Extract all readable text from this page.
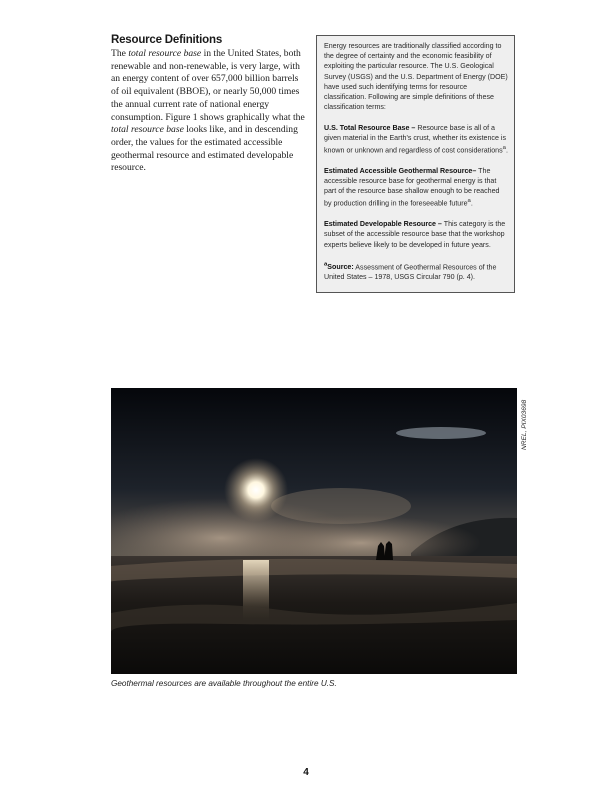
Resource Definitions

The total resource base in the United States, both renewable and non-renewable, is very large, with an energy content of over 657,000 billion barrels of oil equivalent (BBOE), or nearly 50,000 times the annual current rate of national energy consumption. Figure 1 shows graphically what the total resource base looks like, and in descending order, the values for the estimated accessible geothermal resource and estimated developable resource.

Energy resources are traditionally classified according to the degree of certainty and the economic feasibility of exploiting the particular resource. The U.S. Geological Survey (USGS) and the U.S. Department of Energy (DOE) have used such identifying terms for resource classification. Following are simple definitions of these classification terms:

U.S. Total Resource Base – Resource base is all of a given material in the Earth’s crust, whether its existence is known or unknown and regardless of cost considerations$^a$.

Estimated Accessible Geothermal Resource– The accessible resource base for geothermal energy is that part of the resource base shallow enough to be reached by production drilling in the foreseeable future$^a$.

Estimated Developable Resource – This category is the subset of the accessible resource base that the workshop experts believe likely to be developed in future years.

$^a$Source: Assessment of Geothermal Resources of the United States – 1978, USGS Circular 790 (p. 4).

NREL, PIX03698

Geothermal resources are available throughout the entire U.S.

4
